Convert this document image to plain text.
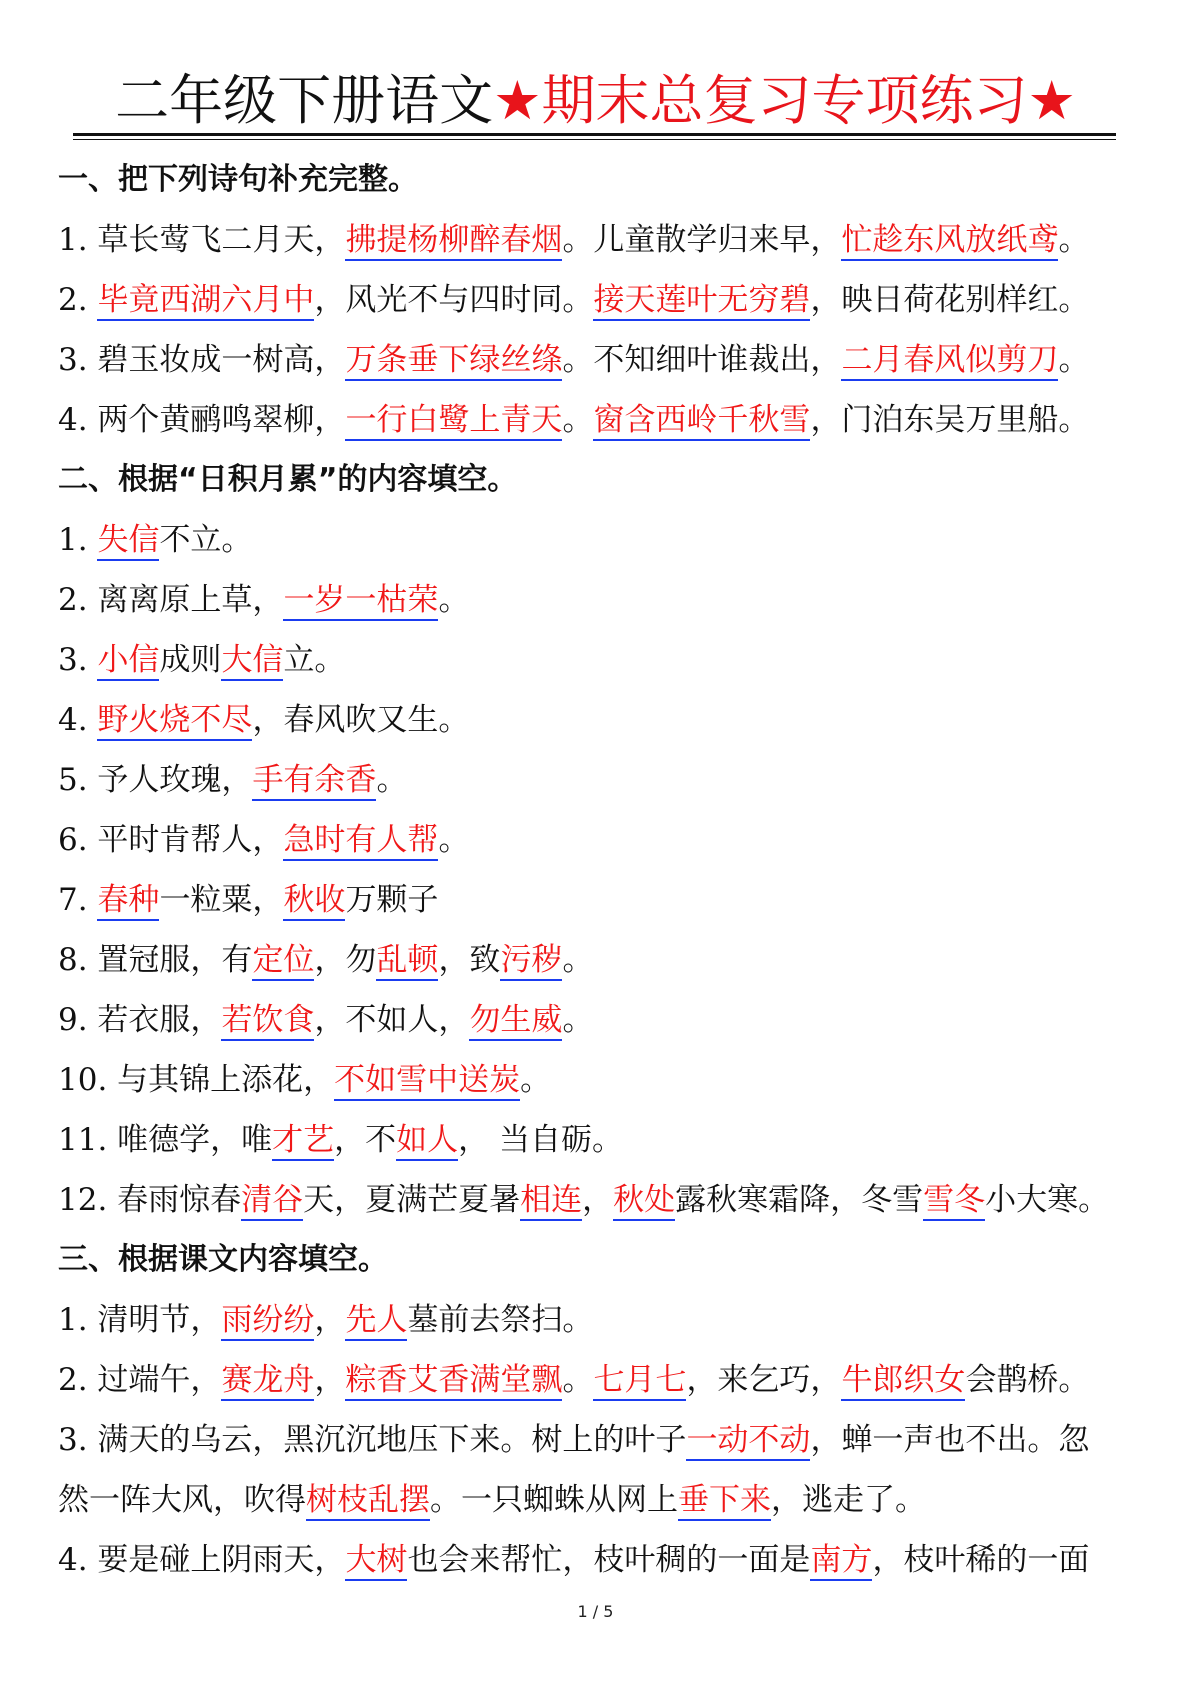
二年级下册语文★期末总复习专项练习★
一、把下列诗句补充完整。
1. 草长莺飞二月天，拂提杨柳醉春烟。儿童散学归来早，忙趁东风放纸鸢。
2. 毕竟西湖六月中，风光不与四时同。接天莲叶无穷碧，映日荷花别样红。
3. 碧玉妆成一树高，万条垂下绿丝绦。不知细叶谁裁出，二月春风似剪刀。
4. 两个黄鹂鸣翠柳，一行白鹭上青天。窗含西岭千秋雪，门泊东吴万里船。
二、根据“日积月累”的内容填空。
1. 失信不立。
2. 离离原上草，一岁一枯荣。
3. 小信成则大信立。
4. 野火烧不尽，春风吹又生。
5. 予人玫瑰，手有余香。
6. 平时肯帮人，急时有人帮。
7. 春种一粒粟，秋收万颗子
8. 置冠服，有定位，勿乱顿，致污秽。
9. 若衣服，若饮食，不如人，勿生威。
10. 与其锦上添花，不如雪中送炭。
11. 唯德学，唯才艺，不如人， 当自砺。
12. 春雨惊春清谷天，夏满芒夏暑相连，秋处露秋寒霜降，冬雪雪冬小大寒。
三、根据课文内容填空。
1. 清明节，雨纷纷，先人墓前去祭扫。
2. 过端午，赛龙舟，粽香艾香满堂飘。七月七，来乞巧，牛郎织女会鹊桥。
3. 满天的乌云，黑沉沉地压下来。树上的叶子一动不动，蝉一声也不出。忽
然一阵大风，吹得树枝乱摆。一只蜘蛛从网上垂下来，逃走了。
4. 要是碰上阴雨天，大树也会来帮忙，枝叶稠的一面是南方，枝叶稀的一面
1 / 5
